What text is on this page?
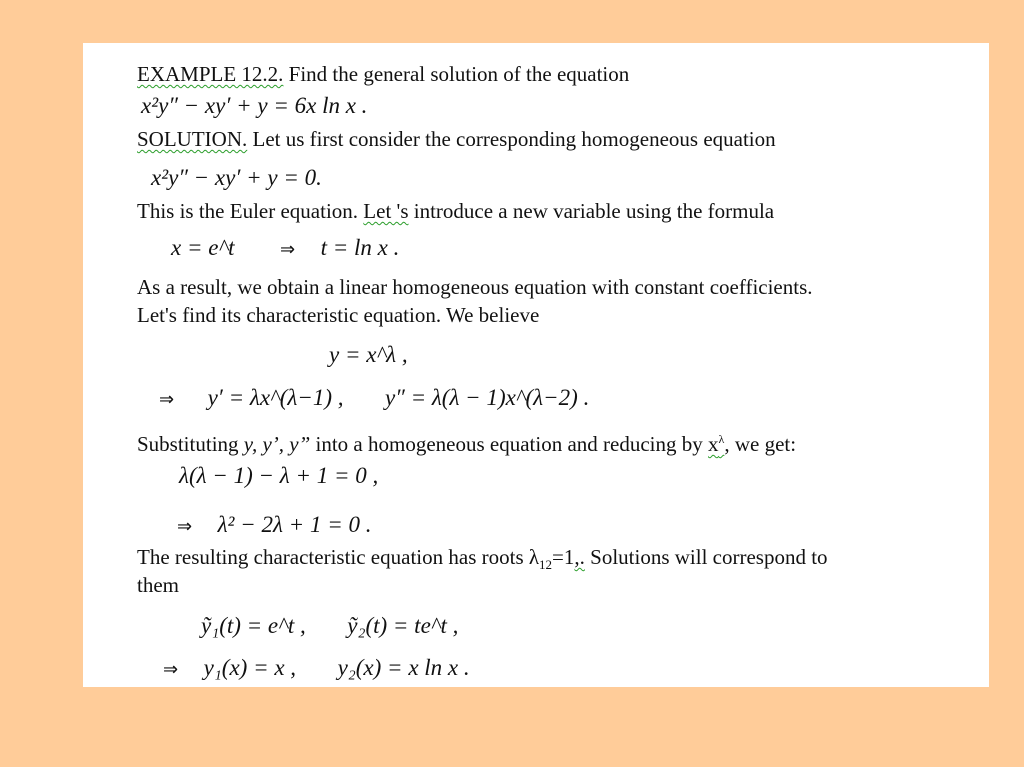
EXAMPLE 12.2. Find the general solution of the equation
x²y″ − xy′ + y = 6x ln x .
SOLUTION. Let us first consider the corresponding homogeneous equation
x²y″ − xy′ + y = 0.
This is the Euler equation. Let 's introduce a new variable using the formula
x = e^t	⇒ t = ln x .
As a result, we obtain a linear homogeneous equation with constant coefficients.
Let's find its characteristic equation. We believe
y = x^λ ,
⇒ y′ = λx^(λ−1) , y″ = λ(λ − 1)x^(λ−2) .
Substituting y, y’, y” into a homogeneous equation and reducing by $x^\lambda$, we get:
λ(λ − 1) − λ + 1 = 0 ,
⇒ λ² − 2λ + 1 = 0 .
The resulting characteristic equation has roots $\lambda_{12}=1$,. Solutions will correspond to
them
ỹ₁(t) = e^t , ỹ₂(t) = te^t ,
⇒ y₁(x) = x , y₂(x) = x ln x .
